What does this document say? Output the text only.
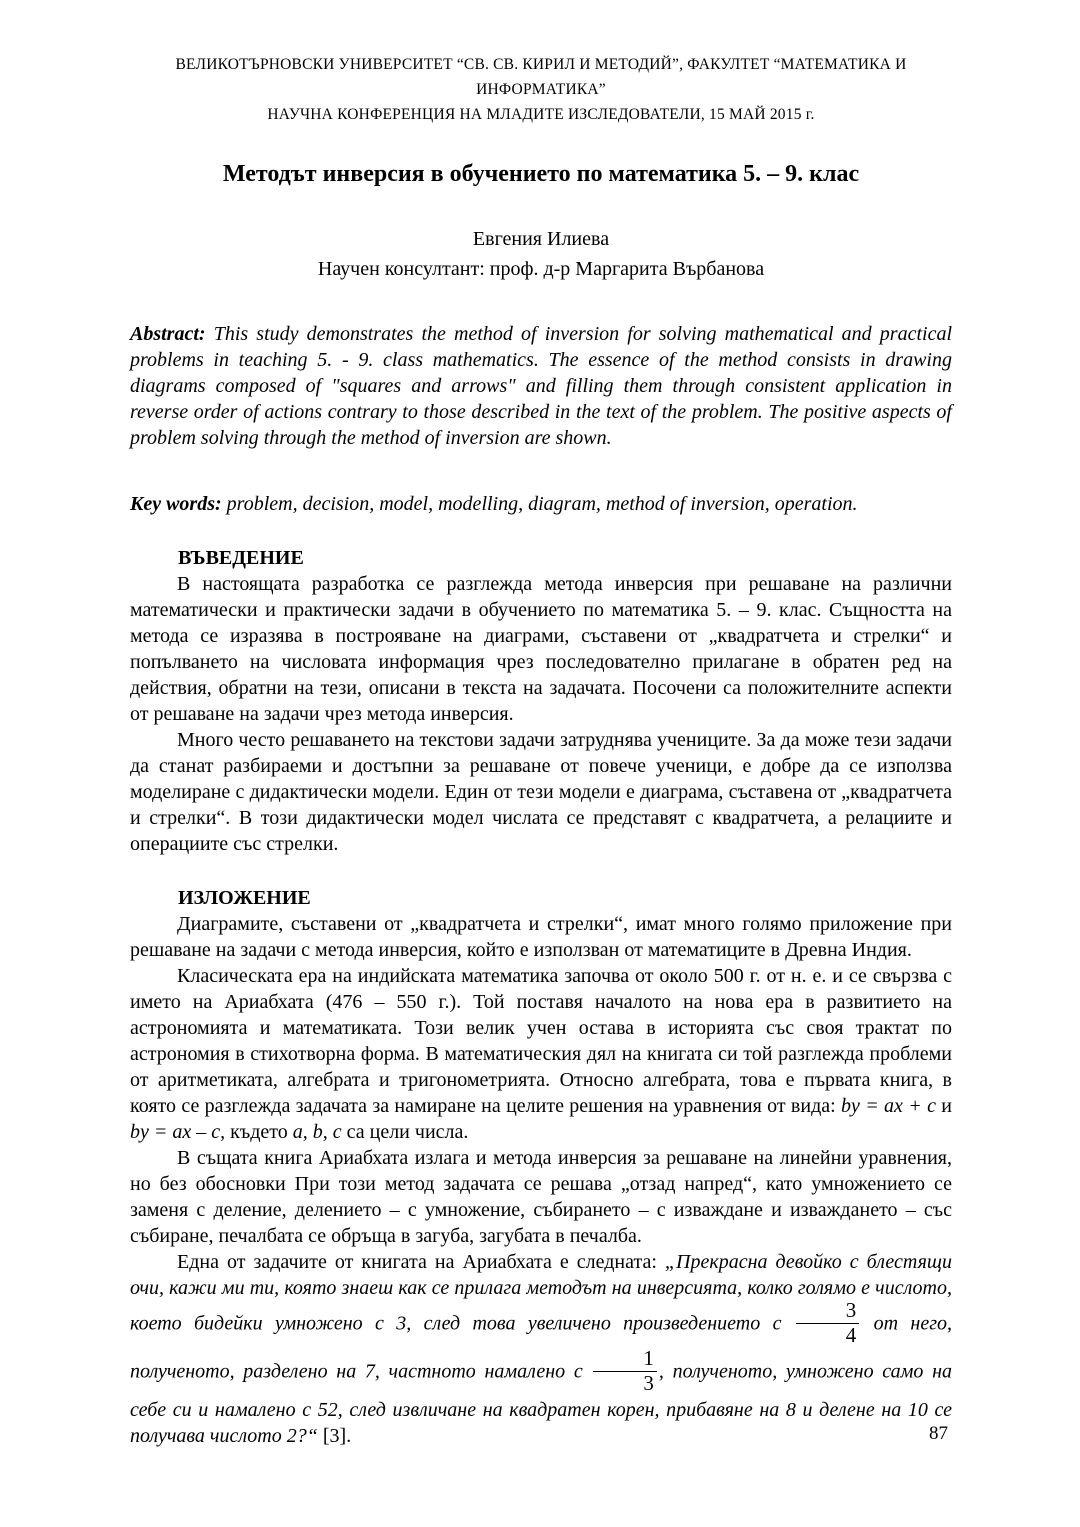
ВЕЛИКОТЪРНОВСКИ УНИВЕРСИТЕТ “СВ. СВ. КИРИЛ И МЕТОДИЙ”, ФАКУЛТЕТ “МАТЕМАТИКА И ИНФОРМАТИКА”
НАУЧНА КОНФЕРЕНЦИЯ НА МЛАДИТЕ ИЗСЛЕДОВАТЕЛИ, 15 МАЙ 2015 г.
Методът инверсия в обучението по математика 5. – 9. клас
Евгения Илиева
Научен консултант: проф. д-р Маргарита Върбанова

Abstract: This study demonstrates the method of inversion for solving mathematical and practical problems in teaching 5. - 9. class mathematics. The essence of the method consists in drawing diagrams composed of "squares and arrows" and filling them through consistent application in reverse order of actions contrary to those described in the text of the problem. The positive aspects of problem solving through the method of inversion are shown.

Key words: problem, decision, model, modelling, diagram, method of inversion, operation.

ВЪВЕДЕНИЕ

В настоящата разработка се разглежда метода инверсия при решаване на различни математически и практически задачи в обучението по математика 5. – 9. клас. Същността на метода се изразява в построяване на диаграми, съставени от „квадратчета и стрелки“ и попълването на числовата информация чрез последователно прилагане в обратен ред на действия, обратни на тези, описани в текста на задачата. Посочени са положителните аспекти от решаване на задачи чрез метода инверсия.

Много често решаването на текстови задачи затруднява учениците. За да може тези задачи да станат разбираеми и достъпни за решаване от повече ученици, е добре да се използва моделиране с дидактически модели. Един от тези модели е диаграма, съставена от „квадратчета и стрелки“. В този дидактически модел числата се представят с квадратчета, а релациите и операциите със стрелки.

ИЗЛОЖЕНИЕ

Диаграмите, съставени от „квадратчета и стрелки“, имат много голямо приложение при решаване на задачи с метода инверсия, който е използван от математиците в Древна Индия.

Класическата ера на индийската математика започва от около 500 г. от н. е. и се свързва с името на Ариабхата (476 – 550 г.). Той поставя началото на нова ера в развитието на астрономията и математиката. Този велик учен остава в историята със своя трактат по астрономия в стихотворна форма. В математическия дял на книгата си той разглежда проблеми от аритметиката, алгебрата и тригонометрията. Относно алгебрата, това е първата книга, в която се разглежда задачата за намиране на целите решения на уравнения от вида: by = ax + c и by = ax – c, където a, b, c са цели числа.

В същата книга Ариабхата излага и метода инверсия за решаване на линейни уравнения, но без обосновки При този метод задачата се решава „отзад напред“, като умножението се заменя с деление, делението – с умножение, събирането – с изваждане и изваждането – със събиране, печалбата се обръща в загуба, загубата в печалба.

Една от задачите от книгата на Ариабхата е следната: „Прекрасна девойко с блестящи очи, кажи ми ти, която знаеш как се прилага методът на инверсията, колко голямо е числото, което бидейки умножено с 3, след това увеличено произведението с $\frac{3}{4}$ от него, полученото, разделено на 7, частното намалено с $\frac{1}{3}$ , полученото, умножено само на себе си и намалено с 52, след извличане на квадратен корен, прибавяне на 8 и делене на 10 се получава числото 2?“ [3].	87
